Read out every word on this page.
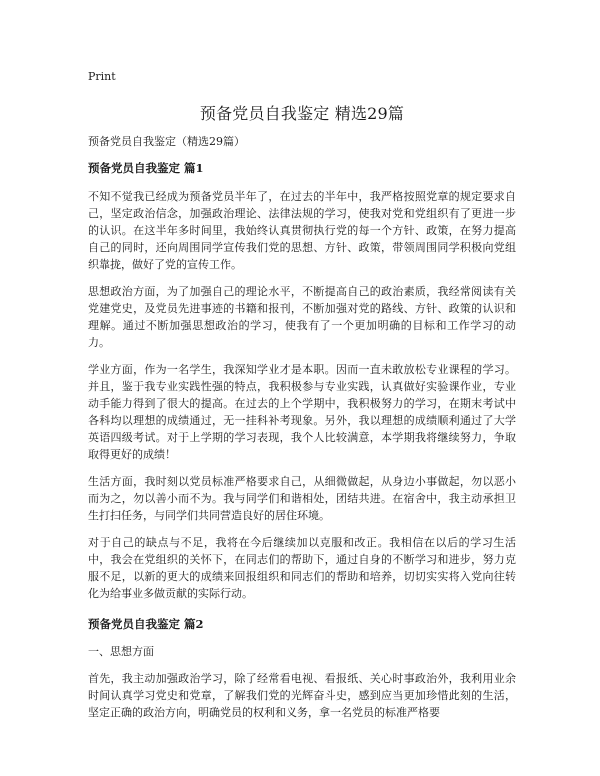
Print
预备党员自我鉴定 精选29篇
预备党员自我鉴定（精选29篇）
预备党员自我鉴定 篇1

不知不觉我已经成为预备党员半年了，在过去的半年中，我严格按照党章的规定要求自己，坚定政治信念，加强政治理论、法律法规的学习，使我对党和党组织有了更进一步的认识。在这半年多时间里，我始终认真贯彻执行党的每一个方针、政策，在努力提高自己的同时，还向周围同学宣传我们党的思想、方针、政策，带领周围同学积极向党组织靠拢，做好了党的宣传工作。

思想政治方面，为了加强自己的理论水平，不断提高自己的政治素质，我经常阅读有关党建党史，及党员先进事迹的书籍和报刊，不断加强对党的路线、方针、政策的认识和理解。通过不断加强思想政治的学习，使我有了一个更加明确的目标和工作学习的动力。

学业方面，作为一名学生，我深知学业才是本职。因而一直未敢放松专业课程的学习。并且，鉴于我专业实践性强的特点，我积极参与专业实践，认真做好实验课作业，专业动手能力得到了很大的提高。在过去的上个学期中，我积极努力的学习，在期末考试中各科均以理想的成绩通过，无一挂科补考现象。另外，我以理想的成绩顺利通过了大学英语四级考试。对于上学期的学习表现，我个人比较满意，本学期我将继续努力，争取取得更好的成绩！

生活方面，我时刻以党员标准严格要求自己，从细微做起，从身边小事做起，勿以恶小而为之，勿以善小而不为。我与同学们和谐相处，团结共进。在宿舍中，我主动承担卫生打扫任务，与同学们共同营造良好的居住环境。

对于自己的缺点与不足，我将在今后继续加以克服和改正。我相信在以后的学习生活中，我会在党组织的关怀下，在同志们的帮助下，通过自身的不断学习和进步，努力克服不足，以新的更大的成绩来回报组织和同志们的帮助和培养，切切实实将入党向往转化为给事业多做贡献的实际行动。

预备党员自我鉴定 篇2
一、思想方面

首先，我主动加强政治学习，除了经常看电视、看报纸、关心时事政治外，我利用业余时间认真学习党史和党章，了解我们党的光辉奋斗史，感到应当更加珍惜此刻的生活，坚定正确的政治方向，明确党员的权利和义务，拿一名党员的标准严格要
